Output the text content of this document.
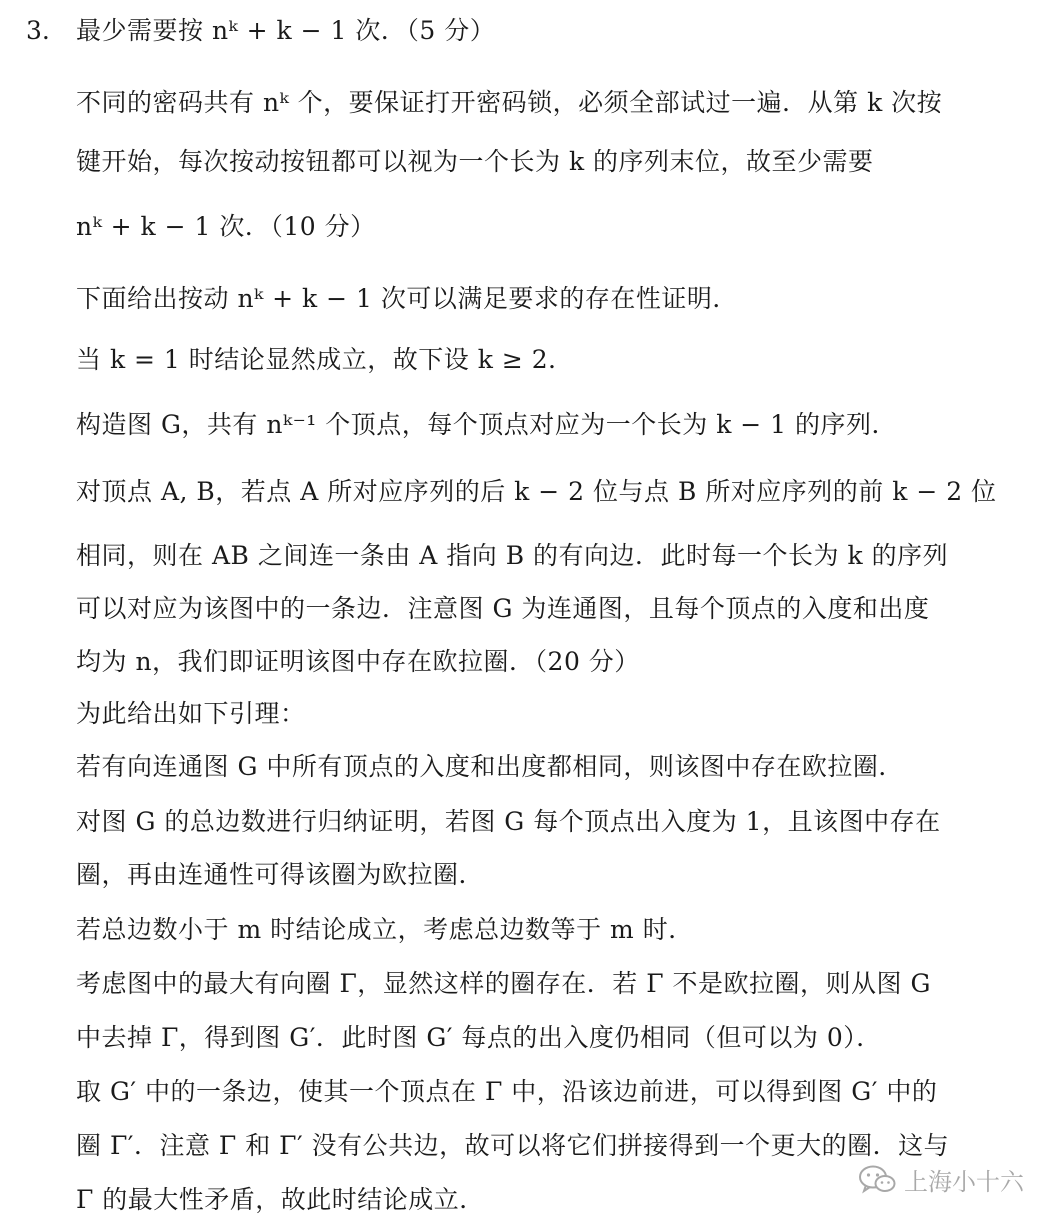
3. 最少需要按 nᵏ + k − 1 次．（5 分）
不同的密码共有 nᵏ 个，要保证打开密码锁，必须全部试过一遍．从第 k 次按
键开始，每次按动按钮都可以视为一个长为 k 的序列末位，故至少需要
nᵏ + k − 1 次．（10 分）
下面给出按动 nᵏ + k − 1 次可以满足要求的存在性证明．
当 k = 1 时结论显然成立，故下设 k ≥ 2．
构造图 G，共有 nᵏ⁻¹ 个顶点，每个顶点对应为一个长为 k − 1 的序列．
对顶点 A, B，若点 A 所对应序列的后 k − 2 位与点 B 所对应序列的前 k − 2 位
相同，则在 AB 之间连一条由 A 指向 B 的有向边．此时每一个长为 k 的序列
可以对应为该图中的一条边．注意图 G 为连通图，且每个顶点的入度和出度
均为 n，我们即证明该图中存在欧拉圈．（20 分）
为此给出如下引理：
若有向连通图 G 中所有顶点的入度和出度都相同，则该图中存在欧拉圈．
对图 G 的总边数进行归纳证明，若图 G 每个顶点出入度为 1，且该图中存在
圈，再由连通性可得该圈为欧拉圈．
若总边数小于 m 时结论成立，考虑总边数等于 m 时．
考虑图中的最大有向圈 Γ，显然这样的圈存在．若 Γ 不是欧拉圈，则从图 G
中去掉 Γ，得到图 G′．此时图 G′ 每点的出入度仍相同（但可以为 0）．
取 G′ 中的一条边，使其一个顶点在 Γ 中，沿该边前进，可以得到图 G′ 中的
圈 Γ′．注意 Γ 和 Γ′ 没有公共边，故可以将它们拼接得到一个更大的圈．这与
Γ 的最大性矛盾，故此时结论成立．
上海小十六
